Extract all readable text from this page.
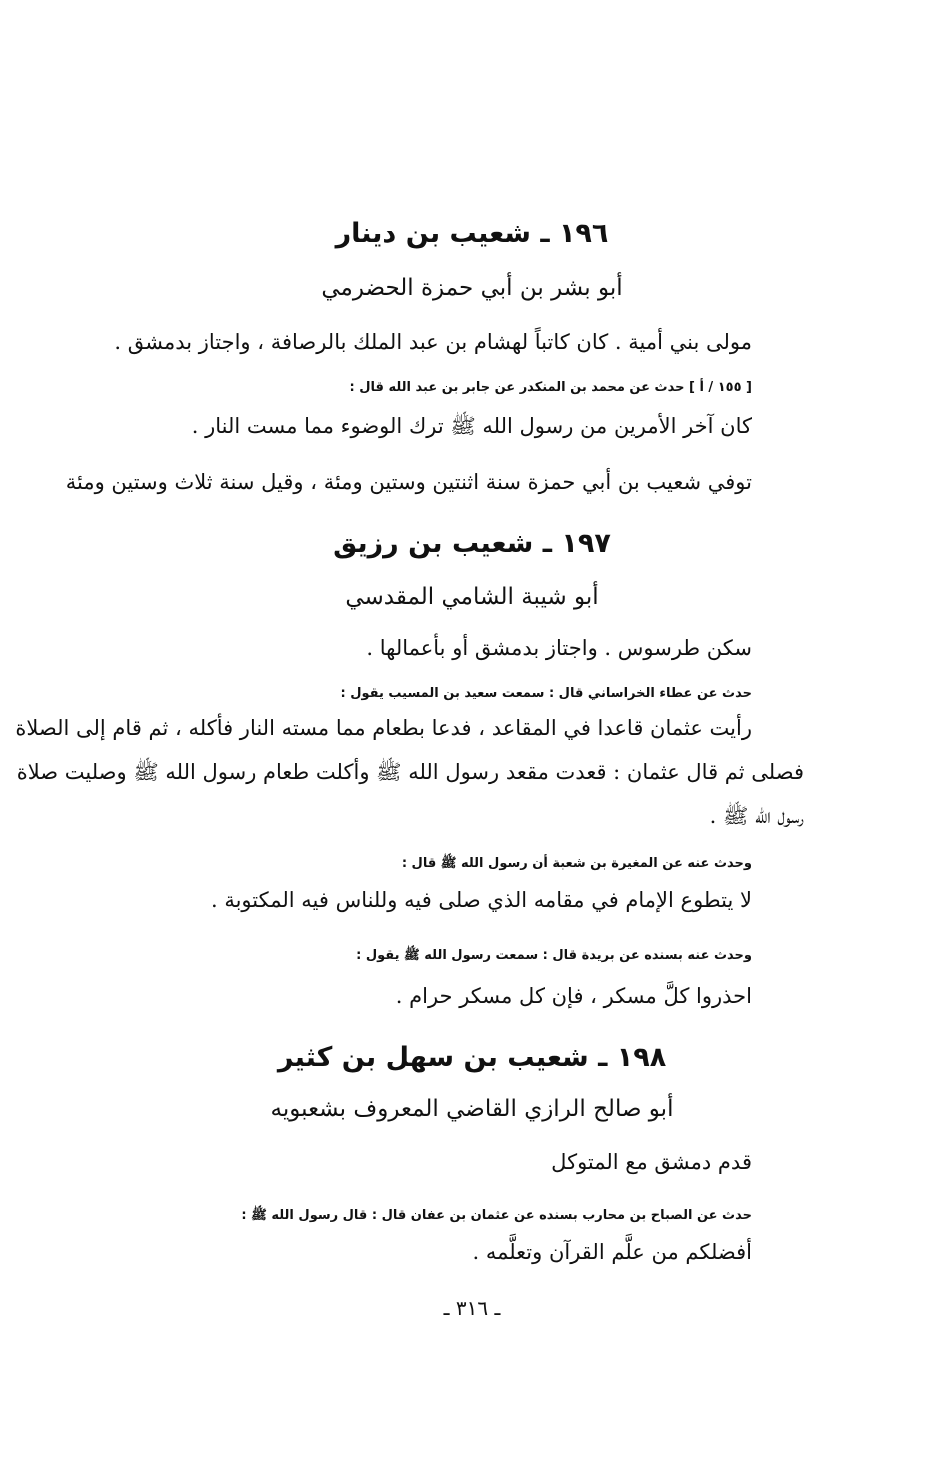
١٩٦ ـ شعيب بن دينار

أبو بشر بن أبي حمزة الحضرمي

مولى بني أمية . كان كاتباً لهشام بن عبد الملك بالرصافة ، واجتاز بدمشق .

[ ١٥٥ / أ ] حدث عن محمد بن المنكدر عن جابر بن عبد الله قال :

كان آخر الأمرين من رسول الله ﷺ ترك الوضوء مما مست النار .

توفي شعيب بن أبي حمزة سنة اثنتين وستين ومئة ، وقيل سنة ثلاث وستين ومئة

١٩٧ ـ شعيب بن رزيق

أبو شيبة الشامي المقدسي

سكن طرسوس . واجتاز بدمشق أو بأعمالها .

حدث عن عطاء الخراساني قال : سمعت سعيد بن المسيب يقول :

رأيت عثمان قاعدا في المقاعد ، فدعا بطعام مما مسته النار فأكله ، ثم قام إلى الصلاة

فصلى ثم قال عثمان : قعدت مقعد رسول الله ﷺ وأكلت طعام رسول الله ﷺ وصليت صلاة

رسول الله ﷺ .

وحدث عنه عن المغيرة بن شعبة أن رسول الله ﷺ قال :

لا يتطوع الإمام في مقامه الذي صلى فيه وللناس فيه المكتوبة .

وحدث عنه بسنده عن بريدة قال : سمعت رسول الله ﷺ يقول :

احذروا كلَّ مسكر ، فإن كل مسكر حرام .

١٩٨ ـ شعيب بن سهل بن كثير

أبو صالح الرازي القاضي المعروف بشعبويه

قدم دمشق مع المتوكل

حدث عن الصباح بن محارب بسنده عن عثمان بن عفان قال : قال رسول الله ﷺ :

أفضلكم من علَّم القرآن وتعلَّمه .

ـ ٣١٦ ـ
